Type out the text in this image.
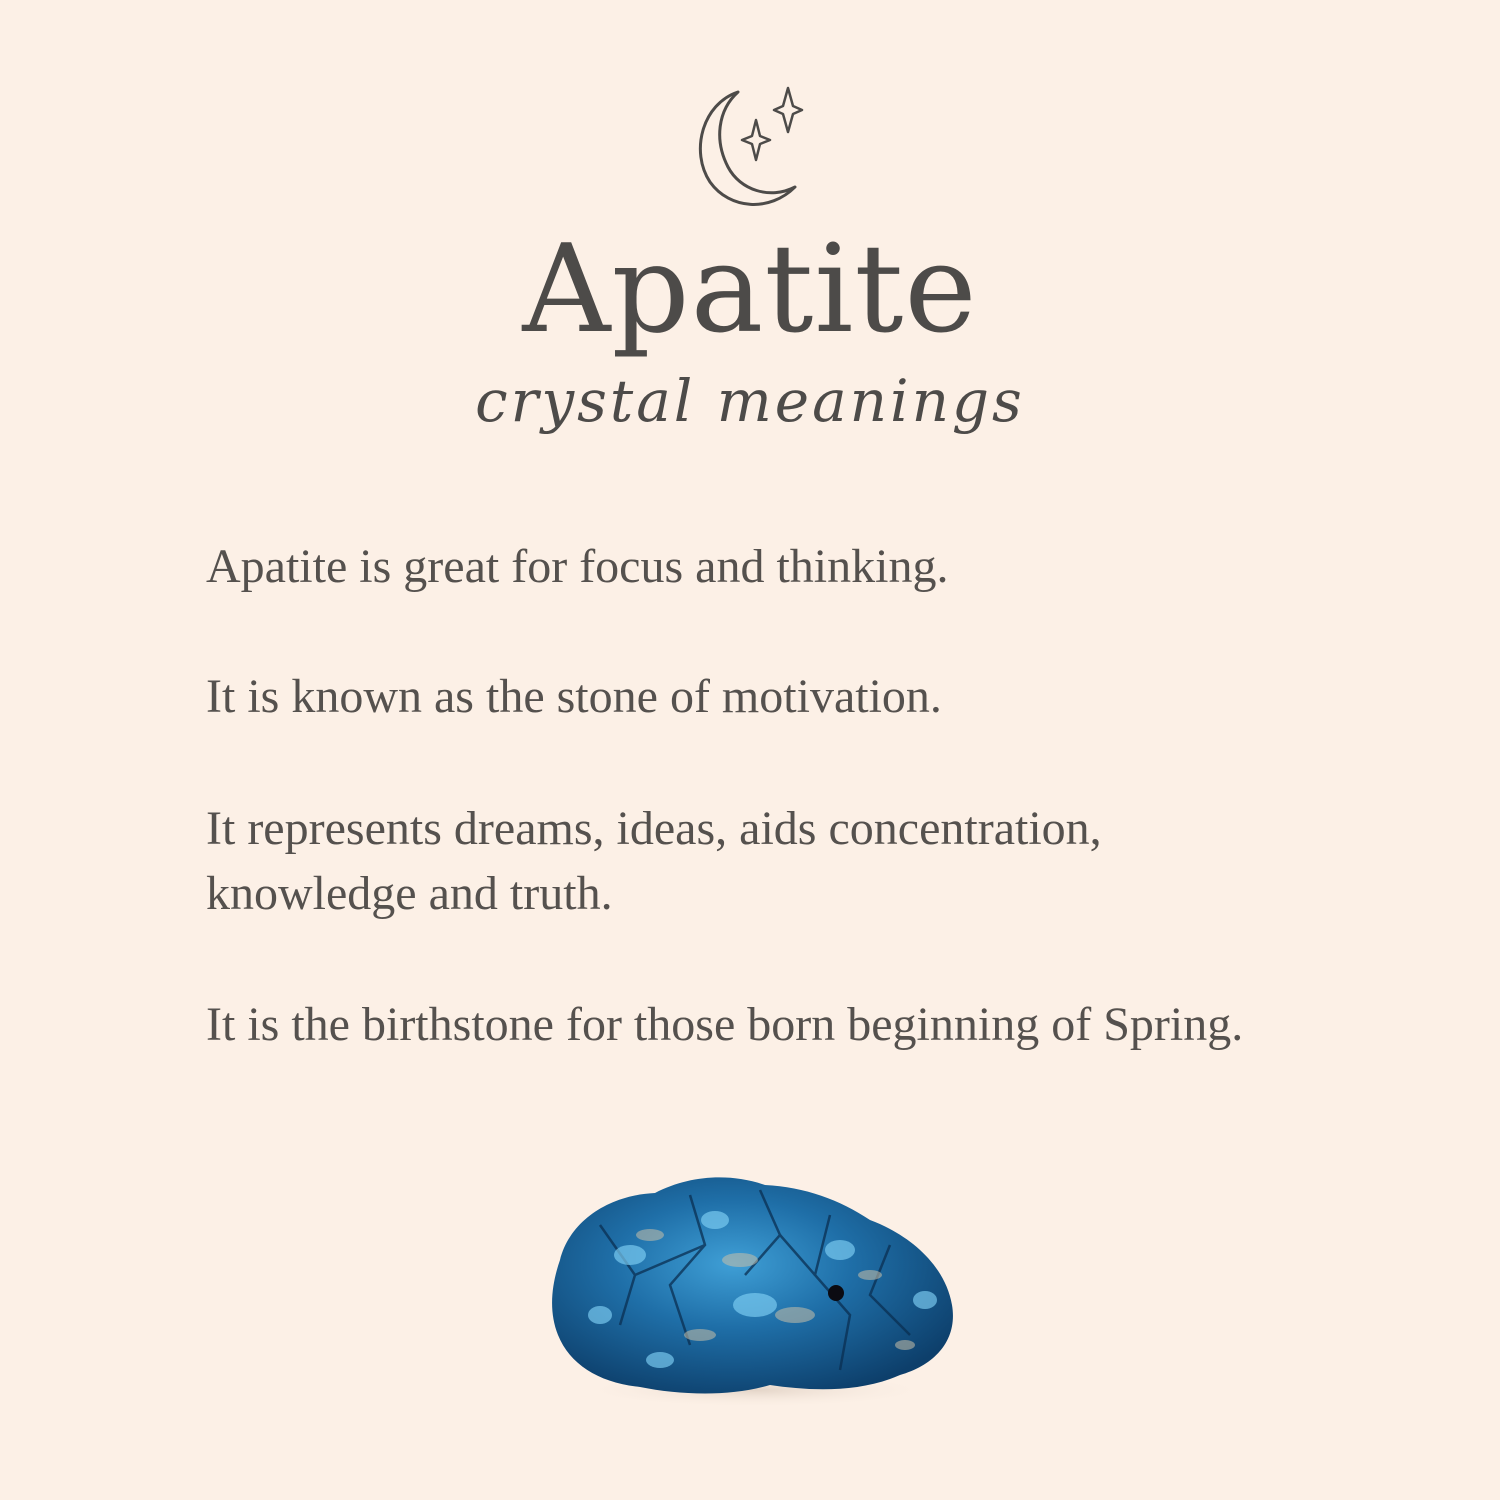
Apatite
crystal meanings

Apatite is great for focus and thinking.

It is known as the stone of motivation.

It represents dreams, ideas, aids concentration, knowledge and truth.

It is the birthstone for those born beginning of Spring.
